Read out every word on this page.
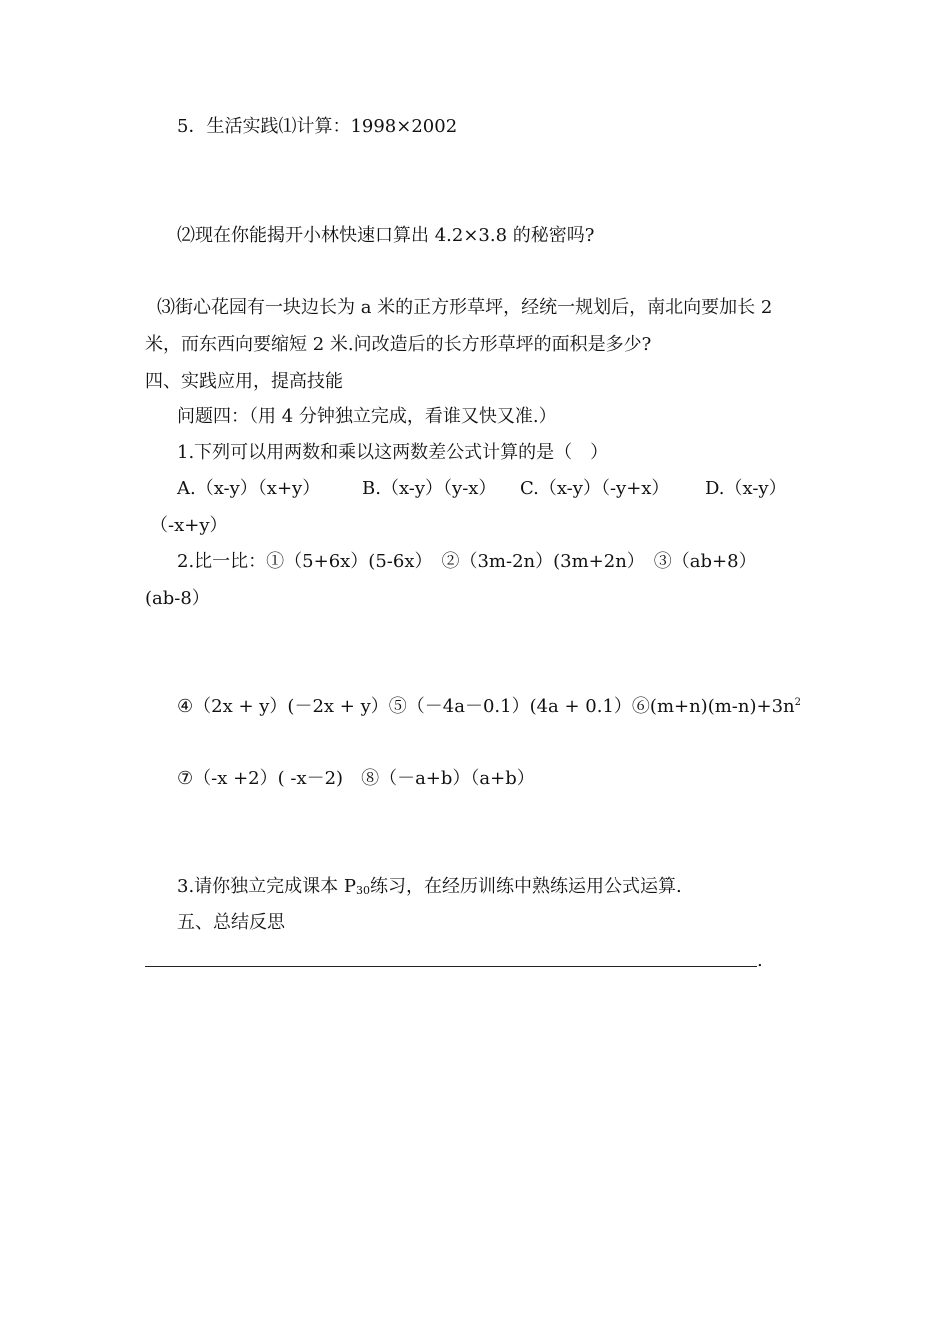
5．生活实践⑴计算：1998×2002
⑵现在你能揭开小林快速口算出 4.2×3.8 的秘密吗?
⑶街心花园有一块边长为 a 米的正方形草坪，经统一规划后，南北向要加长 2
米，而东西向要缩短 2 米.问改造后的长方形草坪的面积是多少?
四、实践应用，提高技能
问题四：（用 4 分钟独立完成，看谁又快又准.）
1.下列可以用两数和乘以这两数差公式计算的是（　）
A.（x-y）（x+y） B.（x-y）（y-x） C.（x-y）（-y+x） D.（x-y）
（-x+y）
2.比一比：①（5+6x）(5-6x）　②（3m-2n）(3m+2n）　③（ab+8）
(ab-8）
④（2x + y）(－2x + y）⑤（－4a－0.1）(4a + $0.1)⑥(m+n)(m-n)+3n^2$
⑦（-x +2）( -x－2)　⑧（－a+b）（a+b）
3.请你独立完成课本 P30练习，在经历训练中熟练运用公式运算.
五、总结反思
.
